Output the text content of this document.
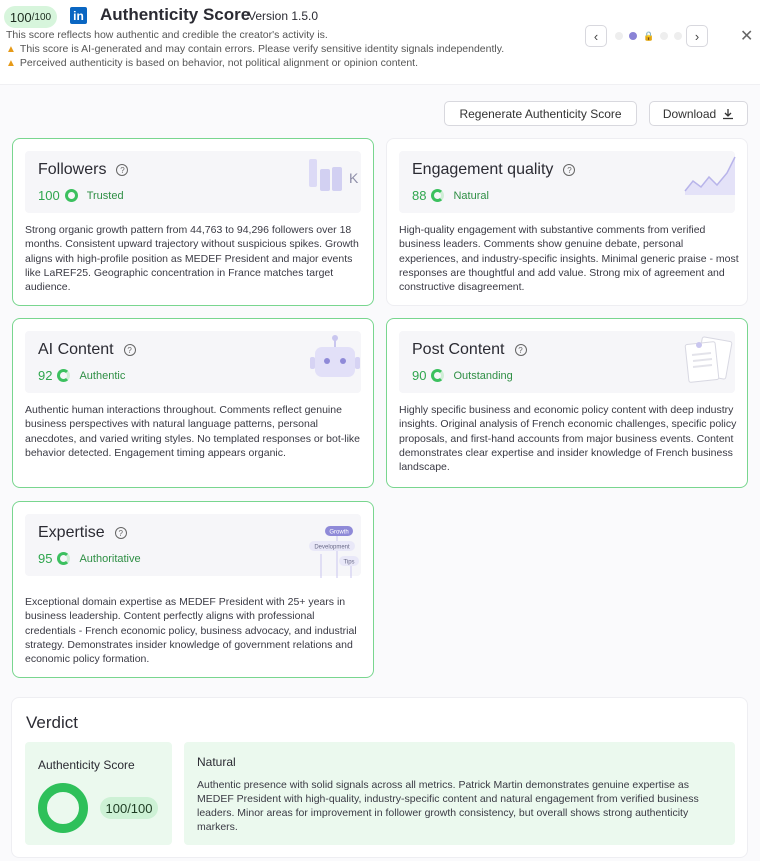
100 /100 in Authenticity Score
Version 1.5.0
This score reflects how authentic and credible the creator's activity is.
▲ This score is AI-generated and may contain errors. Please verify sensitive identity signals independently.
▲ Perceived authenticity is based on behavior, not political alignment or opinion content.
‹	🔒	›	✕
Regenerate Authenticity Score	Download
Followers	?
100 Trusted
K
Strong organic growth pattern from 44,763 to 94,296 followers over 18 months. Consistent upward trajectory without suspicious spikes. Growth aligns with high-profile position as MEDEF President and major events like LaREF25. Geographic concentration in France matches target audience.
Engagement quality	?
88 Natural
High-quality engagement with substantive comments from verified business leaders. Comments show genuine debate, personal experiences, and industry-specific insights. Minimal generic praise - most responses are thoughtful and add value. Strong mix of agreement and constructive disagreement.
AI Content	?
92 Authentic
Authentic human interactions throughout. Comments reflect genuine business perspectives with natural language patterns, personal anecdotes, and varied writing styles. No templated responses or bot-like behavior detected. Engagement timing appears organic.
Post Content	?
90 Outstanding
Highly specific business and economic policy content with deep industry insights. Original analysis of French economic challenges, specific policy proposals, and first-hand accounts from major business events. Content demonstrates clear expertise and insider knowledge of French business landscape.
Expertise	?
95 Authoritative
Growth
Development
Tips
Exceptional domain expertise as MEDEF President with 25+ years in business leadership. Content perfectly aligns with professional credentials - French economic policy, business advocacy, and industrial strategy. Demonstrates insider knowledge of government relations and economic policy formation.
Verdict
Authenticity Score
100/100
Natural
Authentic presence with solid signals across all metrics. Patrick Martin demonstrates genuine expertise as MEDEF President with high-quality, industry-specific content and natural engagement from verified business leaders. Minor areas for improvement in follower growth consistency, but overall shows strong authenticity markers.
